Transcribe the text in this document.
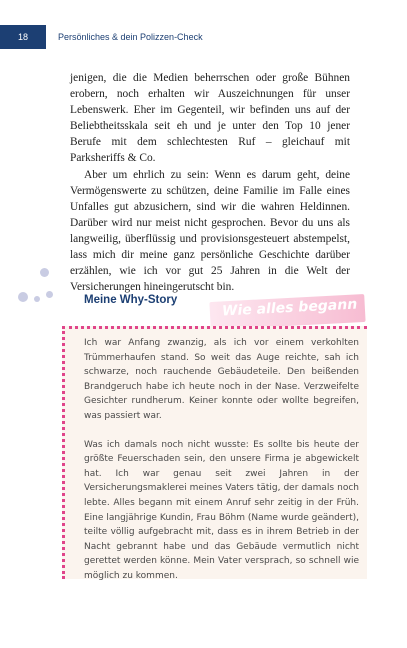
18	Persönliches & dein Polizzen-Check

jenigen, die die Medien beherrschen oder große Bühnen erobern, noch erhalten wir Auszeichnungen für unser Lebenswerk. Eher im Gegenteil, wir befinden uns auf der Beliebtheitsskala seit eh und je unter den Top 10 jener Berufe mit dem schlechtesten Ruf – gleichauf mit Parksheriffs & Co.

Aber um ehrlich zu sein: Wenn es darum geht, deine Vermögenswerte zu schützen, deine Familie im Falle eines Unfalles gut abzusichern, sind wir die wahren Heldinnen. Darüber wird nur meist nicht gesprochen. Bevor du uns als langweilig, überflüssig und provisionsgesteuert abstempelst, lass mich dir meine ganz persönliche Geschichte darüber erzählen, wie ich vor gut 25 Jahren in die Welt der Versicherungen hineingerutscht bin.

Meine Why-Story	Wie alles begann

Ich war Anfang zwanzig, als ich vor einem verkohlten Trümmerhaufen stand. So weit das Auge reichte, sah ich schwarze, noch rauchende Gebäudeteile. Den beißenden Brandgeruch habe ich heute noch in der Nase. Verzweifelte Gesichter rundherum. Keiner konnte oder wollte begreifen, was passiert war.

Was ich damals noch nicht wusste: Es sollte bis heute der größte Feuerschaden sein, den unsere Firma je abgewickelt hat. Ich war genau seit zwei Jahren in der Versicherungsmaklerei meines Vaters tätig, der damals noch lebte. Alles begann mit einem Anruf sehr zeitig in der Früh. Eine langjährige Kundin, Frau Böhm (Name wurde geändert), teilte völlig aufgebracht mit, dass es in ihrem Betrieb in der Nacht gebrannt habe und das Gebäude vermutlich nicht gerettet werden könne. Mein Vater versprach, so schnell wie möglich zu kommen.
